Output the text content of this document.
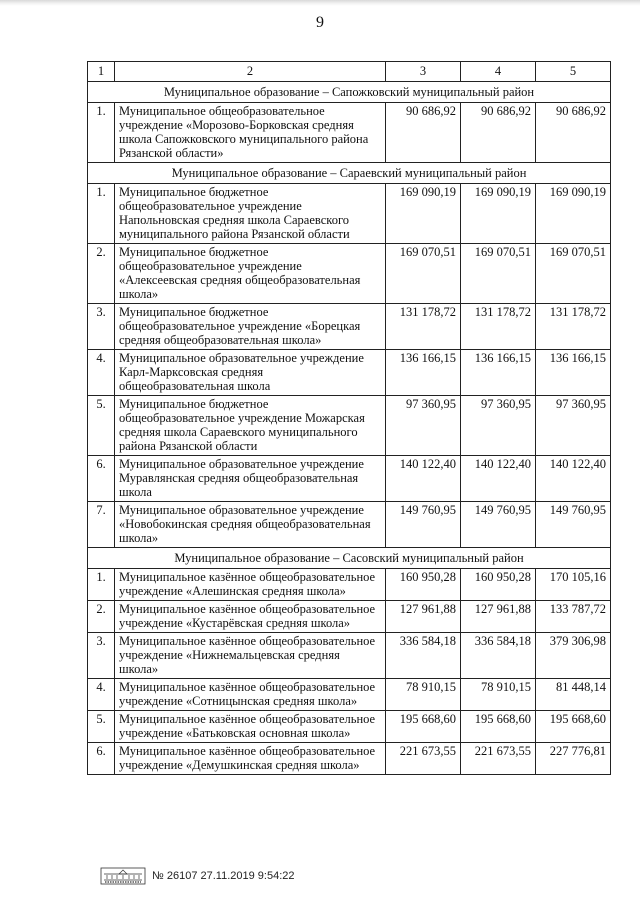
9
1	2	3	4	5
Муниципальное образование – Сапожковский муниципальный район				
1.	Муниципальное общеобразовательное учреждение «Морозово-Борковская средняя школа Сапожковского муниципального района Рязанской области»	90 686,92	90 686,92	90 686,92
Муниципальное образование – Сараевский муниципальный район				
1.	Муниципальное бюджетное общеобразовательное учреждение Напольновская средняя школа Сараевского муниципального района Рязанской области	169 090,19	169 090,19	169 090,19
2.	Муниципальное бюджетное общеобразовательное учреждение «Алексеевская средняя общеобразовательная школа»	169 070,51	169 070,51	169 070,51
3.	Муниципальное бюджетное общеобразовательное учреждение «Борецкая средняя общеобразовательная школа»	131 178,72	131 178,72	131 178,72
4.	Муниципальное образовательное учреждение Карл-Марксовская средняя общеобразовательная школа	136 166,15	136 166,15	136 166,15
5.	Муниципальное бюджетное общеобразовательное учреждение Можарская средняя школа Сараевского муниципального района Рязанской области	97 360,95	97 360,95	97 360,95
6.	Муниципальное образовательное учреждение Муравлянская средняя общеобразовательная школа	140 122,40	140 122,40	140 122,40
7.	Муниципальное образовательное учреждение «Новобокинская средняя общеобразовательная школа»	149 760,95	149 760,95	149 760,95
Муниципальное образование – Сасовский муниципальный район				
1.	Муниципальное казённое общеобразовательное учреждение «Алешинская средняя школа»	160 950,28	160 950,28	170 105,16
2.	Муниципальное казённое общеобразовательное учреждение «Кустарёвская средняя школа»	127 961,88	127 961,88	133 787,72
3.	Муниципальное казённое общеобразовательное учреждение «Нижнемальцевская средняя школа»	336 584,18	336 584,18	379 306,98
4.	Муниципальное казённое общеобразовательное учреждение «Сотницынская средняя школа»	78 910,15	78 910,15	81 448,14
5.	Муниципальное казённое общеобразовательное учреждение «Батьковская основная школа»	195 668,60	195 668,60	195 668,60
6.	Муниципальное казённое общеобразовательное учреждение «Демушкинская средняя школа»	221 673,55	221 673,55	227 776,81
№ 26107 27.11.2019 9:54:22
